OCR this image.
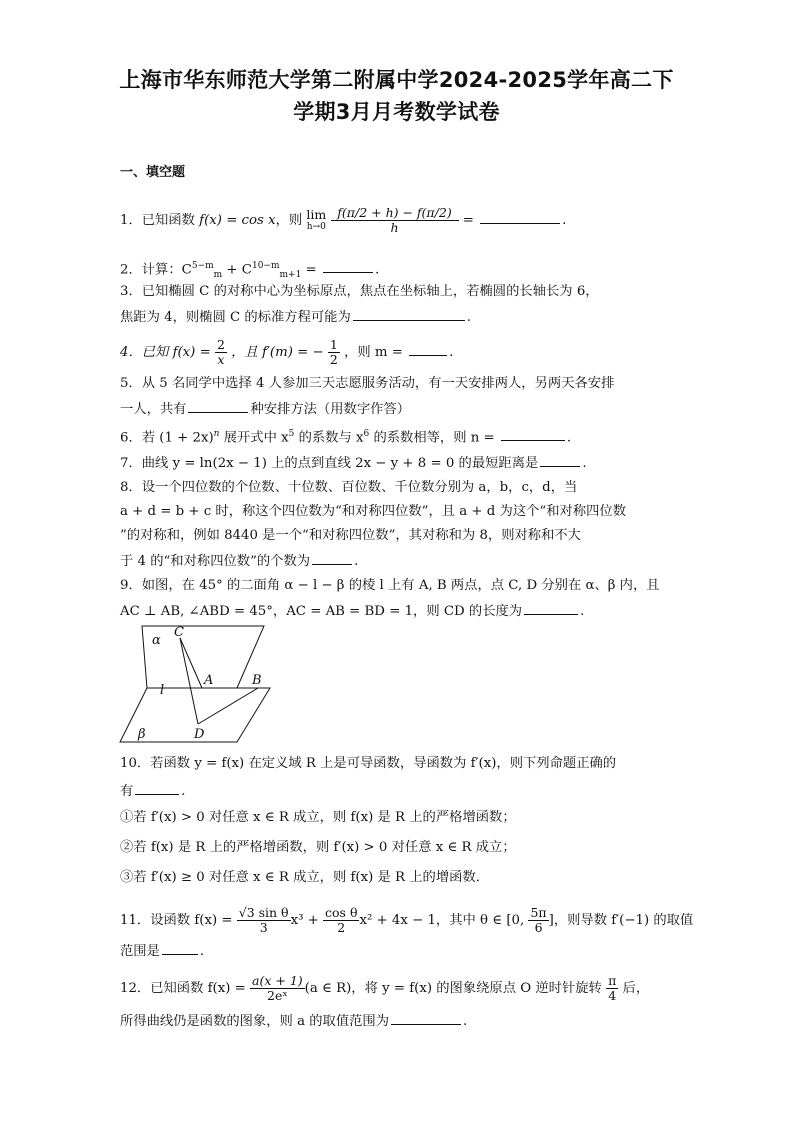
上海市华东师范大学第二附属中学2024-2025学年高二下
学期3月月考数学试卷
一、填空题
1．已知函数 f(x) = cos x，则 lim
h→0
$\frac{f(\pi/2 + h) - f(\pi/2)}{h}$ =	.
2．计算：$C^{5-m}_m + C^{10-m}_{m+1}$ =	.
3．已知椭圆 C 的对称中心为坐标原点，焦点在坐标轴上，若椭圆的长轴长为 6，
焦距为 4，则椭圆 C 的标准方程可能为	.
4．已知 $f(x) = \frac{2}{x}$ ，且 f′(m) = − $\frac{1}{2}$ ，则 m =	.
5．从 5 名同学中选择 4 人参加三天志愿服务活动，有一天安排两人，另两天各安排
一人，共有	种安排方法（用数字作答）
6．若 $(1 + 2x)^n$ 展开式中 $x^5$ 的系数与 $x^6$ 的系数相等，则 n =	.
7．曲线 y = ln(2x − 1) 上的点到直线 2x − y + 8 = 0 的最短距离是	.
8．设一个四位数的个位数、十位数、百位数、千位数分别为 a，b，c，d，当
a + d = b + c 时，称这个四位数为“和对称四位数”，且 a + d 为这个“和对称四位数
”的对称和，例如 8440 是一个“和对称四位数”，其对称和为 8，则对称和不大
于 4 的“和对称四位数”的个数为	.
9．如图，在 45° 的二面角 α − l − β 的棱 l 上有 A, B 两点，点 C, D 分别在 α、β 内，且
AC ⊥ AB, ∠ABD = 45°，AC = AB = BD = 1，则 CD 的长度为	.
α
C
A	B
l
D
β
10．若函数 y = f(x) 在定义域 R 上是可导函数，导函数为 f′(x)，则下列命题正确的
有	.
①若 f′(x) > 0 对任意 x ∈ R 成立，则 f(x) 是 R 上的严格增函数；
②若 f(x) 是 R 上的严格增函数，则 f′(x) > 0 对任意 x ∈ R 成立；
③若 f′(x) ≥ 0 对任意 x ∈ R 成立，则 f(x) 是 R 上的增函数．
11．设函数 $f(x) = \frac{\text{√3 sin θ}}{3} x^3 + \frac{\text{cos θ}}{2} x^2 + 4x - 1$，其中 θ ∈ [0, $\frac{5\pi}{6}$ ]，则导数 f′(−1) 的取值
范围是	.
12．已知函数 $f(x) = \frac{a(x + 1)}{\text{2eˣ}} (a$ ∈ R)，将 y = f(x) 的图象绕原点 O 逆时针旋转 $\frac{\pi}{4}$ 后，
所得曲线仍是函数的图象，则 a 的取值范围为	.
